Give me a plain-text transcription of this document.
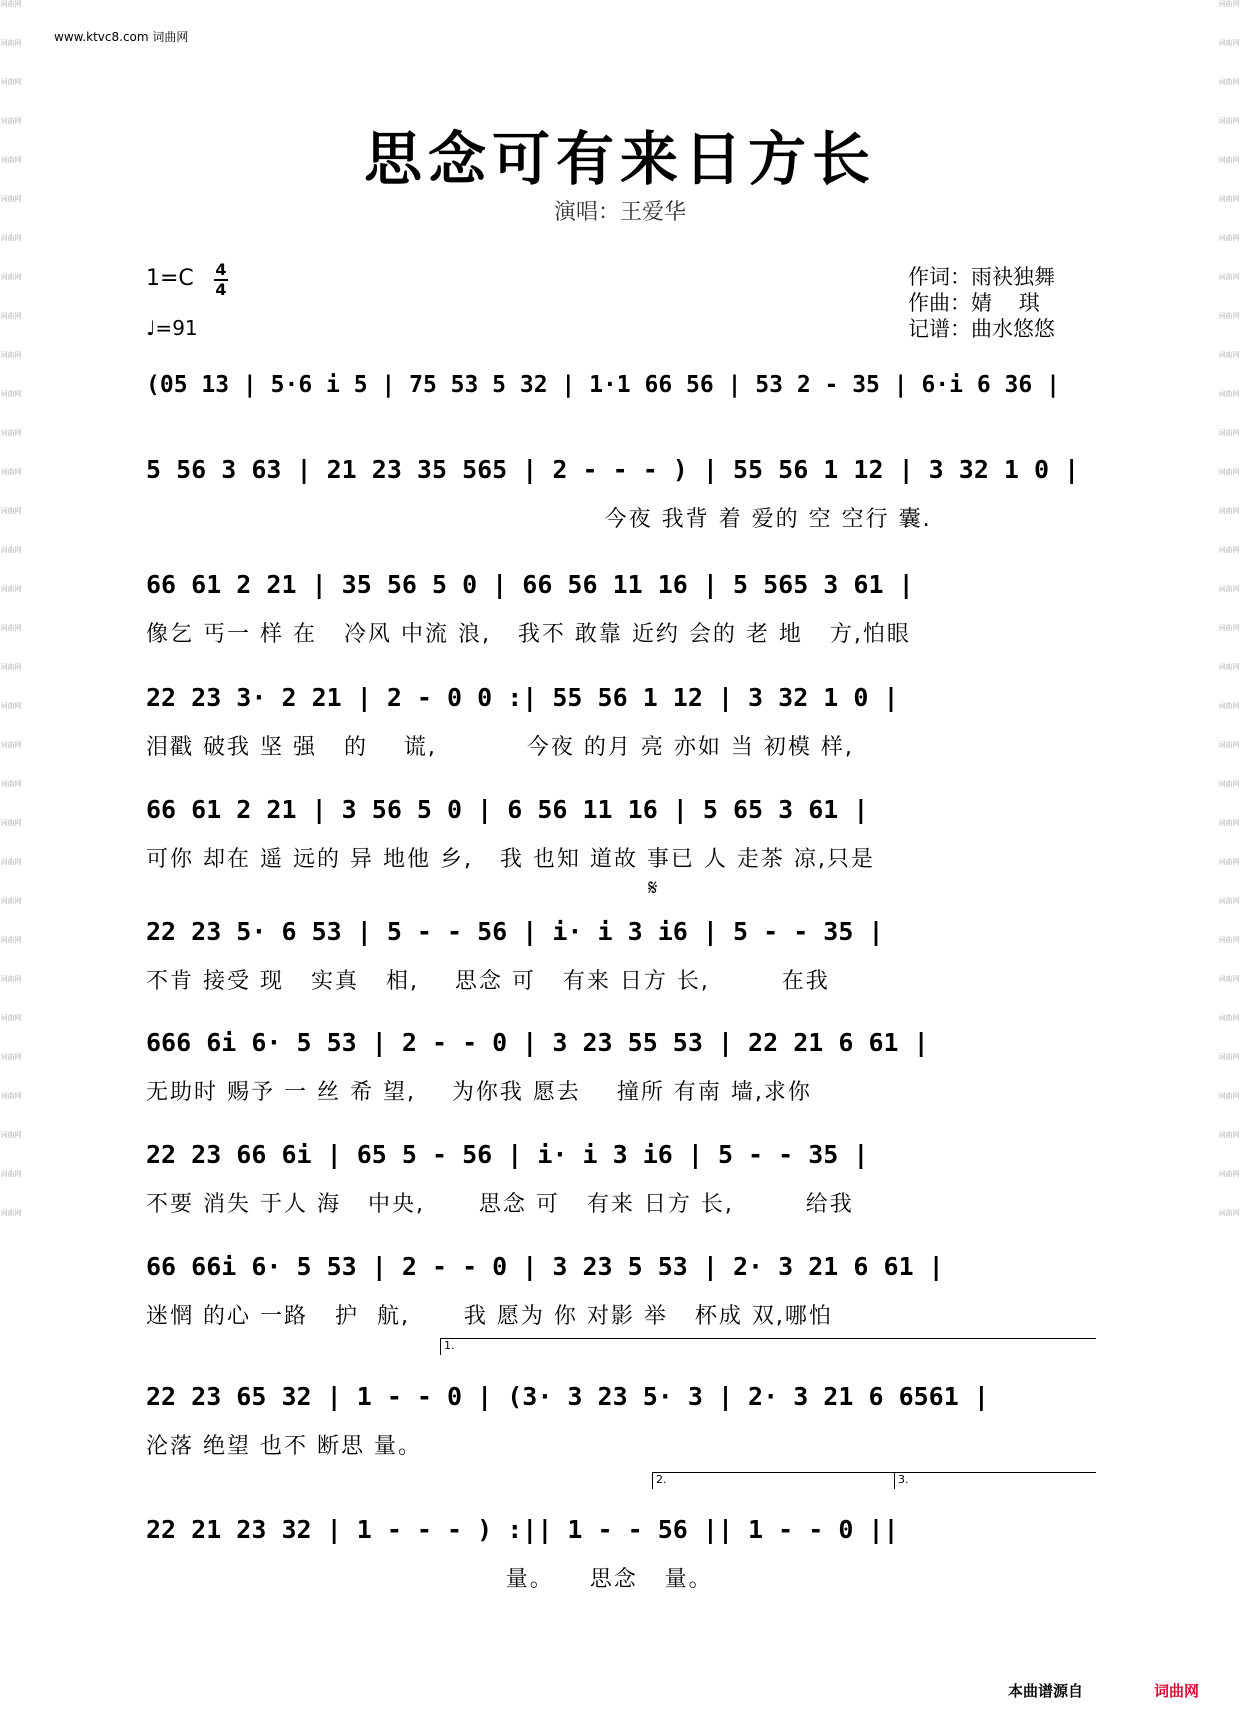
词曲网
词曲网
词曲网
词曲网
词曲网
词曲网
词曲网
词曲网
词曲网
词曲网
词曲网
词曲网
词曲网
词曲网
词曲网
词曲网
词曲网
词曲网
词曲网
词曲网
词曲网
词曲网
词曲网
词曲网
词曲网
词曲网
词曲网
词曲网
词曲网
词曲网
词曲网
词曲网
词曲网
词曲网
词曲网
词曲网
词曲网
词曲网
词曲网
词曲网
词曲网
词曲网
词曲网
词曲网
词曲网
词曲网
词曲网
词曲网
词曲网
词曲网
词曲网
词曲网
词曲网
词曲网
词曲网
词曲网
词曲网
词曲网
词曲网
词曲网
词曲网
词曲网
词曲网
词曲网
www.ktvc8.com 词曲网
思念可有来日方长
演唱：王爱华
1=C 4
4
♩=91
作词：雨袂独舞
作曲：婧    琪
记谱：曲水悠悠
(05 13 | 5·6 i 5 | 75 53 5 32 | 1·1 66 56 | 53 2 - 35 | 6·i 6 36 |
5 56 3 63 | 21 23 35 565 | 2 - - - ) | 55 56 1 12 | 3 32 1 0 |
今夜 我背 着 爱的 空 空行 囊.
66 61 2 21 | 35 56 5 0 | 66 56 11 16 | 5 565 3 61 |
像乞 丐一 样 在   冷风 中流 浪,   我不 敢靠 近约 会的 老 地   方,怕眼
22 23 3· 2 21 | 2 - 0 0 :| 55 56 1 12 | 3 32 1 0 |
泪戳 破我 坚 强   的    谎,          今夜 的月 亮 亦如 当 初模 样,
66 61 2 21 | 3 56 5 0 | 6 56 11 16 | 5 65 3 61 |
可你 却在 遥 远的 异 地他 乡,   我 也知 道故 事已 人 走茶 凉,只是
22 23 5· 6 53 | 5 - - 56 | i· i 3 i6 | 5 - - 35 |
不肯 接受 现   实真   相,    思念 可   有来 日方 长,        在我
666 6i 6· 5 53 | 2 - - 0 | 3 23 55 53 | 22 21 6 61 |
无助时 赐予 一 丝 希 望,    为你我 愿去    撞所 有南 墙,求你
22 23 66 6i | 65 5 - 56 | i· i 3 i6 | 5 - - 35 |
不要 消失 于人 海   中央,      思念 可   有来 日方 长,        给我
66 66i 6· 5 53 | 2 - - 0 | 3 23 5 53 | 2· 3 21 6 61 |
迷惘 的心 一路   护  航,      我 愿为 你 对影 举   杯成 双,哪怕
22 23 65 32 | 1 - - 0 | (3· 3 23 5· 3 | 2· 3 21 6 6561 |
沦落 绝望 也不 断思 量。
22 21 23 32 | 1 - - - ) :|| 1 - - 56 || 1 - - 0 ||
量。    思念   量。
1.
2.	3.
𝄋
本曲谱源自	词曲网
